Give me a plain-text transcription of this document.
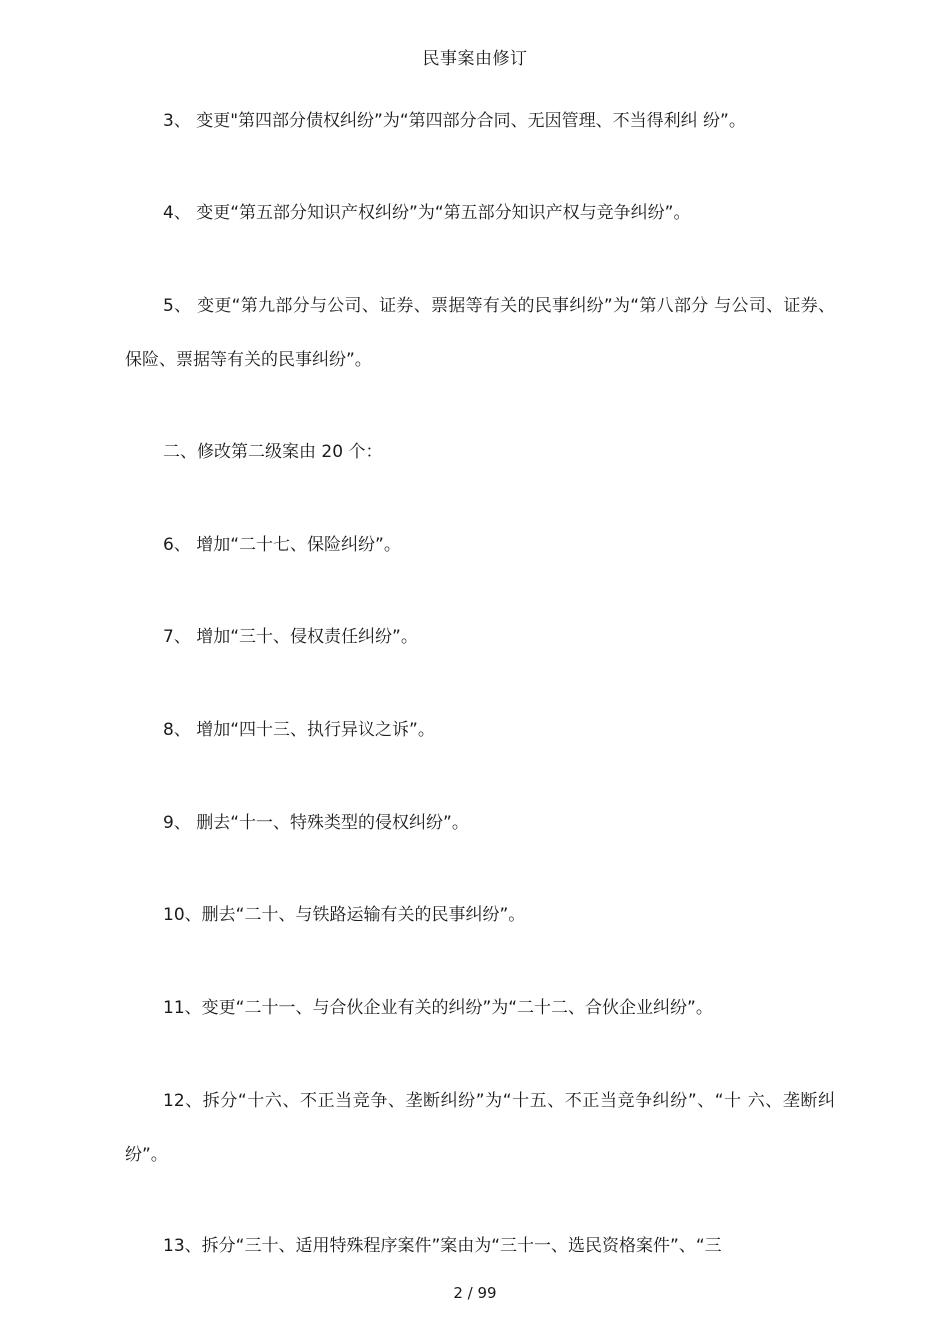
民事案由修订

3、 变更"第四部分债权纠纷”为“第四部分合同、无因管理、不当得利纠 纷”。

4、 变更“第五部分知识产权纠纷”为“第五部分知识产权与竞争纠纷”。

5、 变更“第九部分与公司、证券、票据等有关的民事纠纷”为“第八部分 与公司、证券、保险、票据等有关的民事纠纷”。

二、修改第二级案由 20 个：

6、 增加“二十七、保险纠纷”。

7、 增加“三十、侵权责任纠纷”。

8、 增加“四十三、执行异议之诉”。

9、 删去“十一、特殊类型的侵权纠纷”。

10、删去“二十、与铁路运输有关的民事纠纷”。

11、变更“二十一、与合伙企业有关的纠纷”为“二十二、合伙企业纠纷”。

12、拆分“十六、不正当竞争、垄断纠纷”为“十五、不正当竞争纠纷”、“十 六、垄断纠纷”。

13、拆分“三十、适用特殊程序案件”案由为“三十一、选民资格案件”、“三

2 / 99
